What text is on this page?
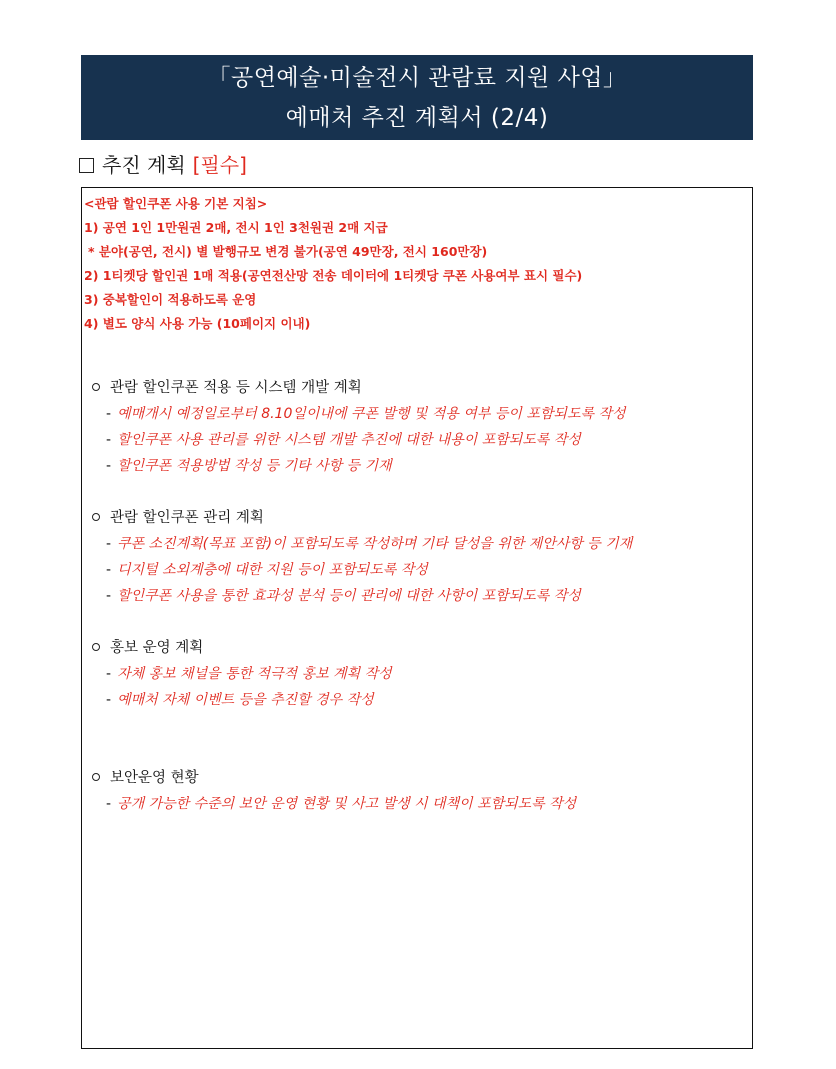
「공연예술·미술전시 관람료 지원 사업」
예매처 추진 계획서 (2/4)
추진 계획 [필수]
<관람 할인쿠폰 사용 기본 지침>
1) 공연 1인 1만원권 2매, 전시 1인 3천원권 2매 지급
* 분야(공연, 전시) 별 발행규모 변경 불가(공연 49만장, 전시 160만장)
2) 1티켓당 할인권 1매 적용(공연전산망 전송 데이터에 1티켓당 쿠폰 사용여부 표시 필수)
3) 중복할인이 적용하도록 운영
4) 별도 양식 사용 가능 (10페이지 이내)
관람 할인쿠폰 적용 등 시스템 개발 계획
- 예매개시 예정일로부터 8.10일이내에 쿠폰 발행 및 적용 여부 등이 포함되도록 작성
- 할인쿠폰 사용 관리를 위한 시스템 개발 추진에 대한 내용이 포함되도록 작성
- 할인쿠폰 적용방법 작성 등 기타 사항 등 기재
관람 할인쿠폰 관리 계획
- 쿠폰 소진계획(목표 포함)이 포함되도록 작성하며 기타 달성을 위한 제안사항 등 기재
- 디지털 소외계층에 대한 지원 등이 포함되도록 작성
- 할인쿠폰 사용을 통한 효과성 분석 등이 관리에 대한 사항이 포함되도록 작성
홍보 운영 계획
- 자체 홍보 채널을 통한 적극적 홍보 계획 작성
- 예매처 자체 이벤트 등을 추진할 경우 작성
보안운영 현황
- 공개 가능한 수준의 보안 운영 현황 및 사고 발생 시 대책이 포함되도록 작성
